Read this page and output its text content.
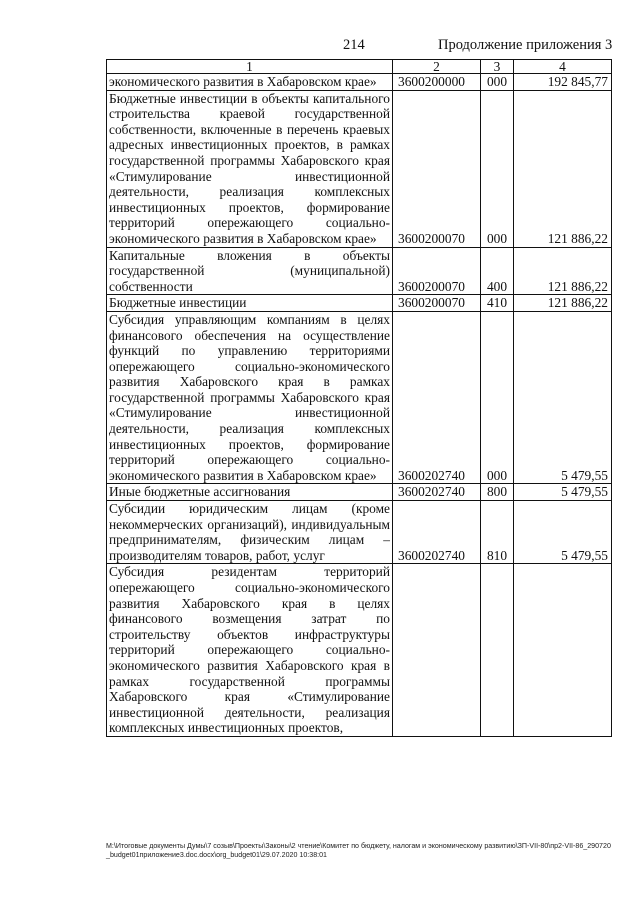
214	Продолжение приложения 3
1	2	3	4
экономического развития в Хабаровском крае»	3600200000	000	192 845,77
Бюджетные инвестиции в объекты капитального строительства краевой государственной собственности, включенные в перечень краевых адресных инвестиционных проектов, в рамках государственной программы Хабаровского края «Стимулирование инвестиционной деятельности, реализация комплексных инвестиционных проектов, формирование территорий опережающего социально-экономического развития в Хабаровском крае»	3600200070	000	121 886,22
Капитальные вложения в объекты государственной (муниципальной) собственности	3600200070	400	121 886,22
Бюджетные инвестиции	3600200070	410	121 886,22
Субсидия управляющим компаниям в целях финансового обеспечения на осуществление функций по управлению территориями опережающего социально-экономического развития Хабаровского края в рамках государственной программы Хабаровского края «Стимулирование инвестиционной деятельности, реализация комплексных инвестиционных проектов, формирование территорий опережающего социально-экономического развития в Хабаровском крае»	3600202740	000	5 479,55
Иные бюджетные ассигнования	3600202740	800	5 479,55
Субсидии юридическим лицам (кроме некоммерческих организаций), индивидуальным предпринимателям, физическим лицам – производителям товаров, работ, услуг	3600202740	810	5 479,55
Субсидия резидентам территорий опережающего социально-экономического развития Хабаровского края в целях финансового возмещения затрат по строительству объектов инфраструктуры территорий опережающего социально-экономического развития Хабаровского края в рамках государственной программы Хабаровского края «Стимулирование инвестиционной деятельности, реализация комплексных инвестиционных проектов,			
M:\Итоговые документы Думы\7 созыв\Проекты\Законы\2 чтение\Комитет по бюджету, налогам и экономическому развитию\ЗП-VII-80\пр2-VII-86_290720_budget01приложение3.doc.docx\org_budget01\29.07.2020 10:38:01
